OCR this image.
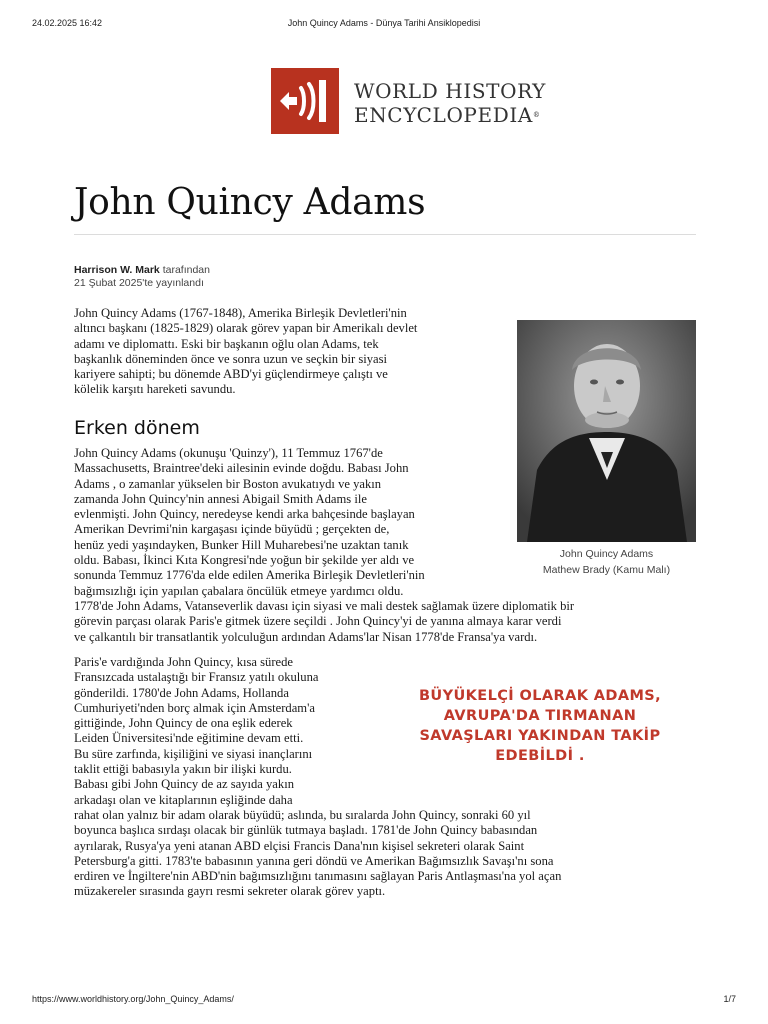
24.02.2025 16:42	John Quincy Adams - Dünya Tarihi Ansiklopedisi
WORLD HISTORY
ENCYCLOPEDIA®
John Quincy Adams
Harrison W. Mark tarafından
21 Şubat 2025'te yayınlandı
John Quincy Adams (1767-1848), Amerika Birleşik Devletleri'nin
altıncı başkanı (1825-1829) olarak görev yapan bir Amerikalı devlet
adamı ve diplomattı. Eski bir başkanın oğlu olan Adams, tek
başkanlık döneminden önce ve sonra uzun ve seçkin bir siyasi
kariyere sahipti; bu dönemde ABD'yi güçlendirmeye çalıştı ve
kölelik karşıtı hareketi savundu.
John Quincy Adams
Mathew Brady (Kamu Malı)
Erken dönem
John Quincy Adams (okunuşu 'Quinzy'), 11 Temmuz 1767'de
Massachusetts, Braintree'deki ailesinin evinde doğdu. Babası John
Adams , o zamanlar yükselen bir Boston avukatıydı ve yakın
zamanda John Quincy'nin annesi Abigail Smith Adams ile
evlenmişti. John Quincy, neredeyse kendi arka bahçesinde başlayan
Amerikan Devrimi'nin kargaşası içinde büyüdü ; gerçekten de,
henüz yedi yaşındayken, Bunker Hill Muharebesi'ne uzaktan tanık
oldu. Babası, İkinci Kıta Kongresi'nde yoğun bir şekilde yer aldı ve
sonunda Temmuz 1776'da elde edilen Amerika Birleşik Devletleri'nin
bağımsızlığı için yapılan çabalara öncülük etmeye yardımcı oldu.
1778'de John Adams, Vatanseverlik davası için siyasi ve mali destek sağlamak üzere diplomatik bir
görevin parçası olarak Paris'e gitmek üzere seçildi . John Quincy'yi de yanına almaya karar verdi
ve çalkantılı bir transatlantik yolculuğun ardından Adams'lar Nisan 1778'de Fransa'ya vardı.
Paris'e vardığında John Quincy, kısa sürede
Fransızcada ustalaştığı bir Fransız yatılı okuluna
gönderildi. 1780'de John Adams, Hollanda
Cumhuriyeti'nden borç almak için Amsterdam'a
gittiğinde, John Quincy de ona eşlik ederek
Leiden Üniversitesi'nde eğitimine devam etti.
Bu süre zarfında, kişiliğini ve siyasi inançlarını
taklit ettiği babasıyla yakın bir ilişki kurdu.
Babası gibi John Quincy de az sayıda yakın
arkadaşı olan ve kitaplarının eşliğinde daha
rahat olan yalnız bir adam olarak büyüdü; aslında, bu sıralarda John Quincy, sonraki 60 yıl
boyunca başlıca sırdaşı olacak bir günlük tutmaya başladı. 1781'de John Quincy babasından
ayrılarak, Rusya'ya yeni atanan ABD elçisi Francis Dana'nın kişisel sekreteri olarak Saint
Petersburg'a gitti. 1783'te babasının yanına geri döndü ve Amerikan Bağımsızlık Savaşı'nı sona
erdiren ve İngiltere'nin ABD'nin bağımsızlığını tanımasını sağlayan Paris Antlaşması'na yol açan
müzakereler sırasında gayrı resmi sekreter olarak görev yaptı.
BÜYÜKELÇİ OLARAK ADAMS,
AVRUPA'DA TIRMANAN
SAVAŞLARI YAKINDAN TAKİP
EDEBİLDİ .
https://www.worldhistory.org/John_Quincy_Adams/	1/7
